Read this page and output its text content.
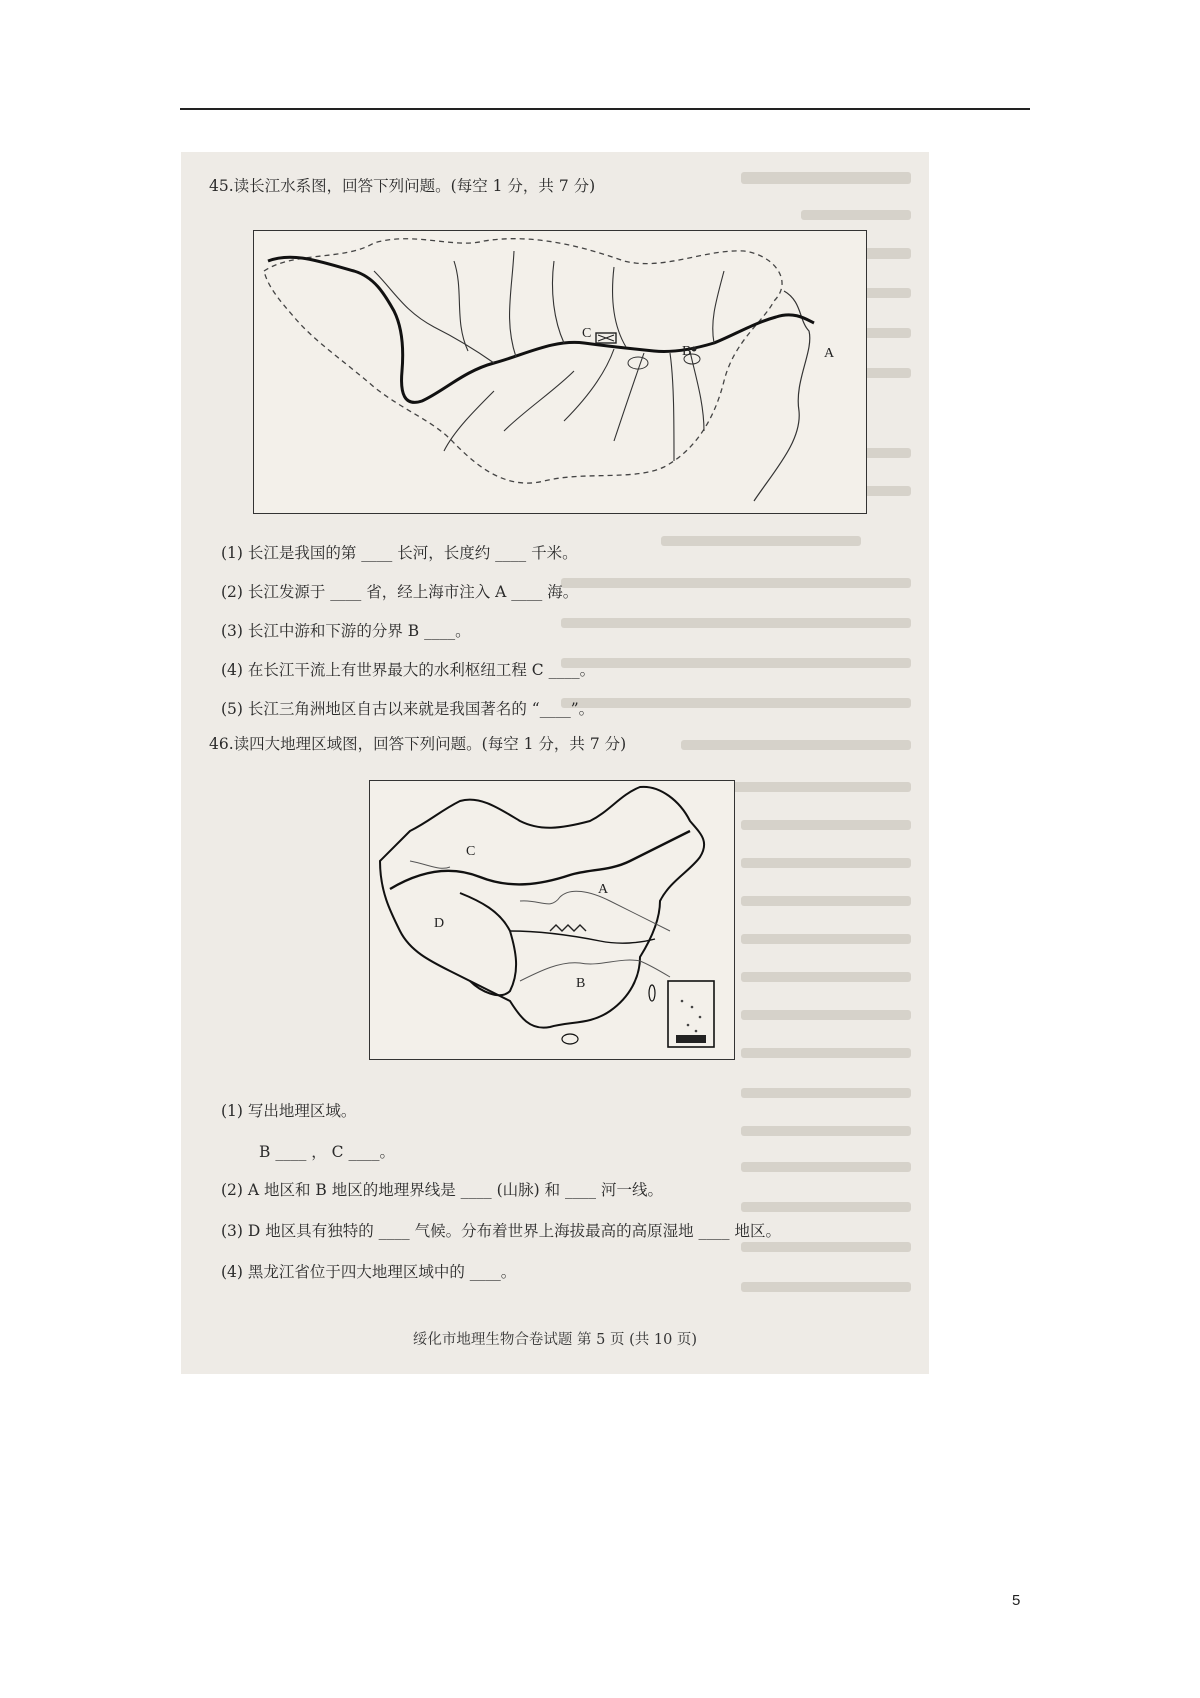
45.读长江水系图，回答下列问题。(每空 1 分，共 7 分)
C
B	A
(1) 长江是我国的第 ____ 长河，长度约 ____ 千米。
(2) 长江发源于 ____ 省，经上海市注入 A ____ 海。
(3) 长江中游和下游的分界 B ____。
(4) 在长江干流上有世界最大的水利枢纽工程 C ____。
(5) 长江三角洲地区自古以来就是我国著名的 “____”。
46.读四大地理区域图，回答下列问题。(每空 1 分，共 7 分)
C
A
D
B
(1) 写出地理区域。
B ____ ， C ____。
(2) A 地区和 B 地区的地理界线是 ____ (山脉) 和 ____ 河一线。
(3) D 地区具有独特的 ____ 气候。分布着世界上海拔最高的高原湿地 ____ 地区。
(4) 黑龙江省位于四大地理区域中的 ____。
绥化市地理生物合卷试题 第 5 页 (共 10 页)
5
